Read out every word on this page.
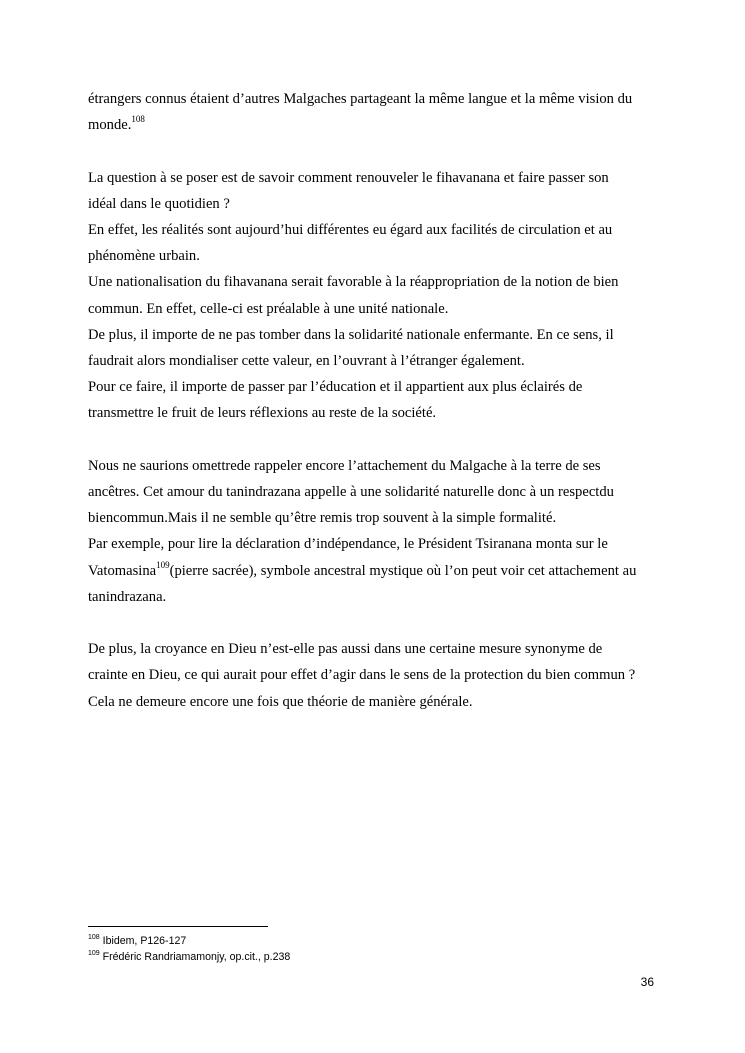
étrangers connus étaient d’autres Malgaches partageant la même langue et la même vision du
monde.$^{108}$
La question à se poser est de savoir comment renouveler le fihavanana et faire passer son
idéal dans le quotidien ?
En effet, les réalités sont aujourd’hui différentes eu égard aux facilités de circulation et au
phénomène urbain.
Une nationalisation du fihavanana serait favorable à la réappropriation de la notion de bien
commun. En effet, celle-ci est préalable à une unité nationale.
De plus, il importe de ne pas tomber dans la solidarité nationale enfermante. En ce sens, il
faudrait alors mondialiser cette valeur, en l’ouvrant à l’étranger également.
Pour ce faire, il importe de passer par l’éducation et il appartient aux plus éclairés de
transmettre le fruit de leurs réflexions au reste de la société.
Nous ne saurions omettrede rappeler encore l’attachement du Malgache à la terre de ses
ancêtres. Cet amour du tanindrazana appelle à une solidarité naturelle donc à un respectdu
biencommun.Mais il ne semble qu’être remis trop souvent à la simple formalité.
Par exemple, pour lire la déclaration d’indépendance, le Président Tsiranana monta sur le
Vatomasina$^{109}$(pierre sacrée), symbole ancestral mystique où l’on peut voir cet attachement au
tanindrazana.
De plus, la croyance en Dieu n’est-elle pas aussi dans une certaine mesure synonyme de
crainte en Dieu, ce qui aurait pour effet d’agir dans le sens de la protection du bien commun ?
Cela ne demeure encore une fois que théorie de manière générale.
$^{108}$ Ibidem, P126-127
$^{109}$ Frédéric Randriamamonjy, op.cit., p.238
36
